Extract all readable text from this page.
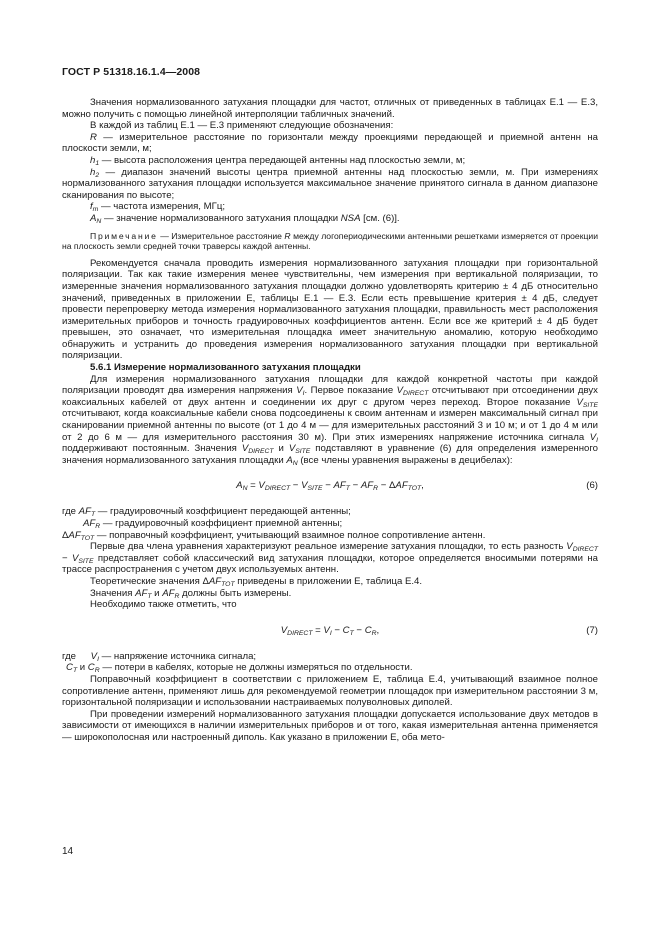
ГОСТ Р 51318.16.1.4—2008

Значения нормализованного затухания площадки для частот, отличных от приведенных в таблицах Е.1 — Е.3, можно получить с помощью линейной интерполяции табличных значений.

В каждой из таблиц Е.1 — Е.3 применяют следующие обозначения:

R — измерительное расстояние по горизонтали между проекциями передающей и приемной антенн на плоскости земли, м;

$h_1$ — высота расположения центра передающей антенны над плоскостью земли, м;

$h_2$ — диапазон значений высоты центра приемной антенны над плоскостью земли, м. При измерениях нормализованного затухания площадки используется максимальное значение принятого сигнала в данном диапазоне сканирования по высоте;

$f_m$ — частота измерения, МГц;

$A_N$ — значение нормализованного затухания площадки NSA [см. (6)].

Примечание — Измерительное расстояние R между логопериодическими антенными решетками измеряется от проекции на плоскость земли средней точки траверсы каждой антенны.

Рекомендуется сначала проводить измерения нормализованного затухания площадки при горизонтальной поляризации. Так как такие измерения менее чувствительны, чем измерения при вертикальной поляризации, то измеренные значения нормализованного затухания площадки должно удовлетворять критерию ± 4 дБ относительно значений, приведенных в приложении Е, таблицы Е.1 — Е.3. Если есть превышение критерия ± 4 дБ, следует провести перепроверку метода измерения нормализованного затухания площадки, правильность мест расположения измерительных приборов и точность градуировочных коэффициентов антенн. Если все же критерий ± 4 дБ будет превышен, это означает, что измерительная площадка имеет значительную аномалию, которую необходимо обнаружить и устранить до проведения измерения нормализованного затухания площадки при вертикальной поляризации.

5.6.1 Измерение нормализованного затухания площадки

Для измерения нормализованного затухания площадки для каждой конкретной частоты при каждой поляризации проводят два измерения напряжения $V_I$. Первое показание $V_{DIRECT}$ отсчитывают при отсоединении двух коаксиальных кабелей от двух антенн и соединении их друг с другом через переход. Второе показание $V_{SITE}$ отсчитывают, когда коаксиальные кабели снова подсоединены к своим антеннам и измерен максимальный сигнал при сканировании приемной антенны по высоте (от 1 до 4 м — для измерительных расстояний 3 и 10 м; и от 1 до 4 м или от 2 до 6 м — для измерительного расстояния 30 м). При этих измерениях напряжение источника сигнала $V_I$ поддерживают постоянным. Значения $V_{DIRECT}$ и $V_{SITE}$ подставляют в уравнение (6) для определения измеренного значения нормализованного затухания площадки $A_N$ (все члены уравнения выражены в децибелах):

$A_N = V_{DIRECT} - V_{SITE} - AF_T - AF_R - \Delta AF_{TOT}$,	(6)

где $AF_T$ — градуировочный коэффициент передающей антенны;

$AF_R$ — градуировочный коэффициент приемной антенны;

$\Delta AF_{TOT}$ — поправочный коэффициент, учитывающий взаимное полное сопротивление антенн.

Первые два члена уравнения характеризуют реальное измерение затухания площадки, то есть разность $V_{DIRECT} - V_{SITE}$ представляет собой классический вид затухания площадки, которое определяется вносимыми потерями на трассе распространения с учетом двух используемых антенн.

Теоретические значения $\Delta AF_{TOT}$ приведены в приложении Е, таблица Е.4.

Значения $AF_T$ и $AF_R$ должны быть измерены.

Необходимо также отметить, что

$V_{DIRECT} = V_I - C_T - C_R$,	(7)

где $V_I$ — напряжение источника сигнала;

$C_T$ и $C_R$ — потери в кабелях, которые не должны измеряться по отдельности.

Поправочный коэффициент в соответствии с приложением Е, таблица Е.4, учитывающий взаимное полное сопротивление антенн, применяют лишь для рекомендуемой геометрии площадок при измерительном расстоянии 3 м, горизонтальной поляризации и использовании настраиваемых полуволновых диполей.

При проведении измерений нормализованного затухания площадки допускается использование двух методов в зависимости от имеющихся в наличии измерительных приборов и от того, какая измерительная антенна применяется — широкополосная или настроенный диполь. Как указано в приложении Е, оба мето-

14
